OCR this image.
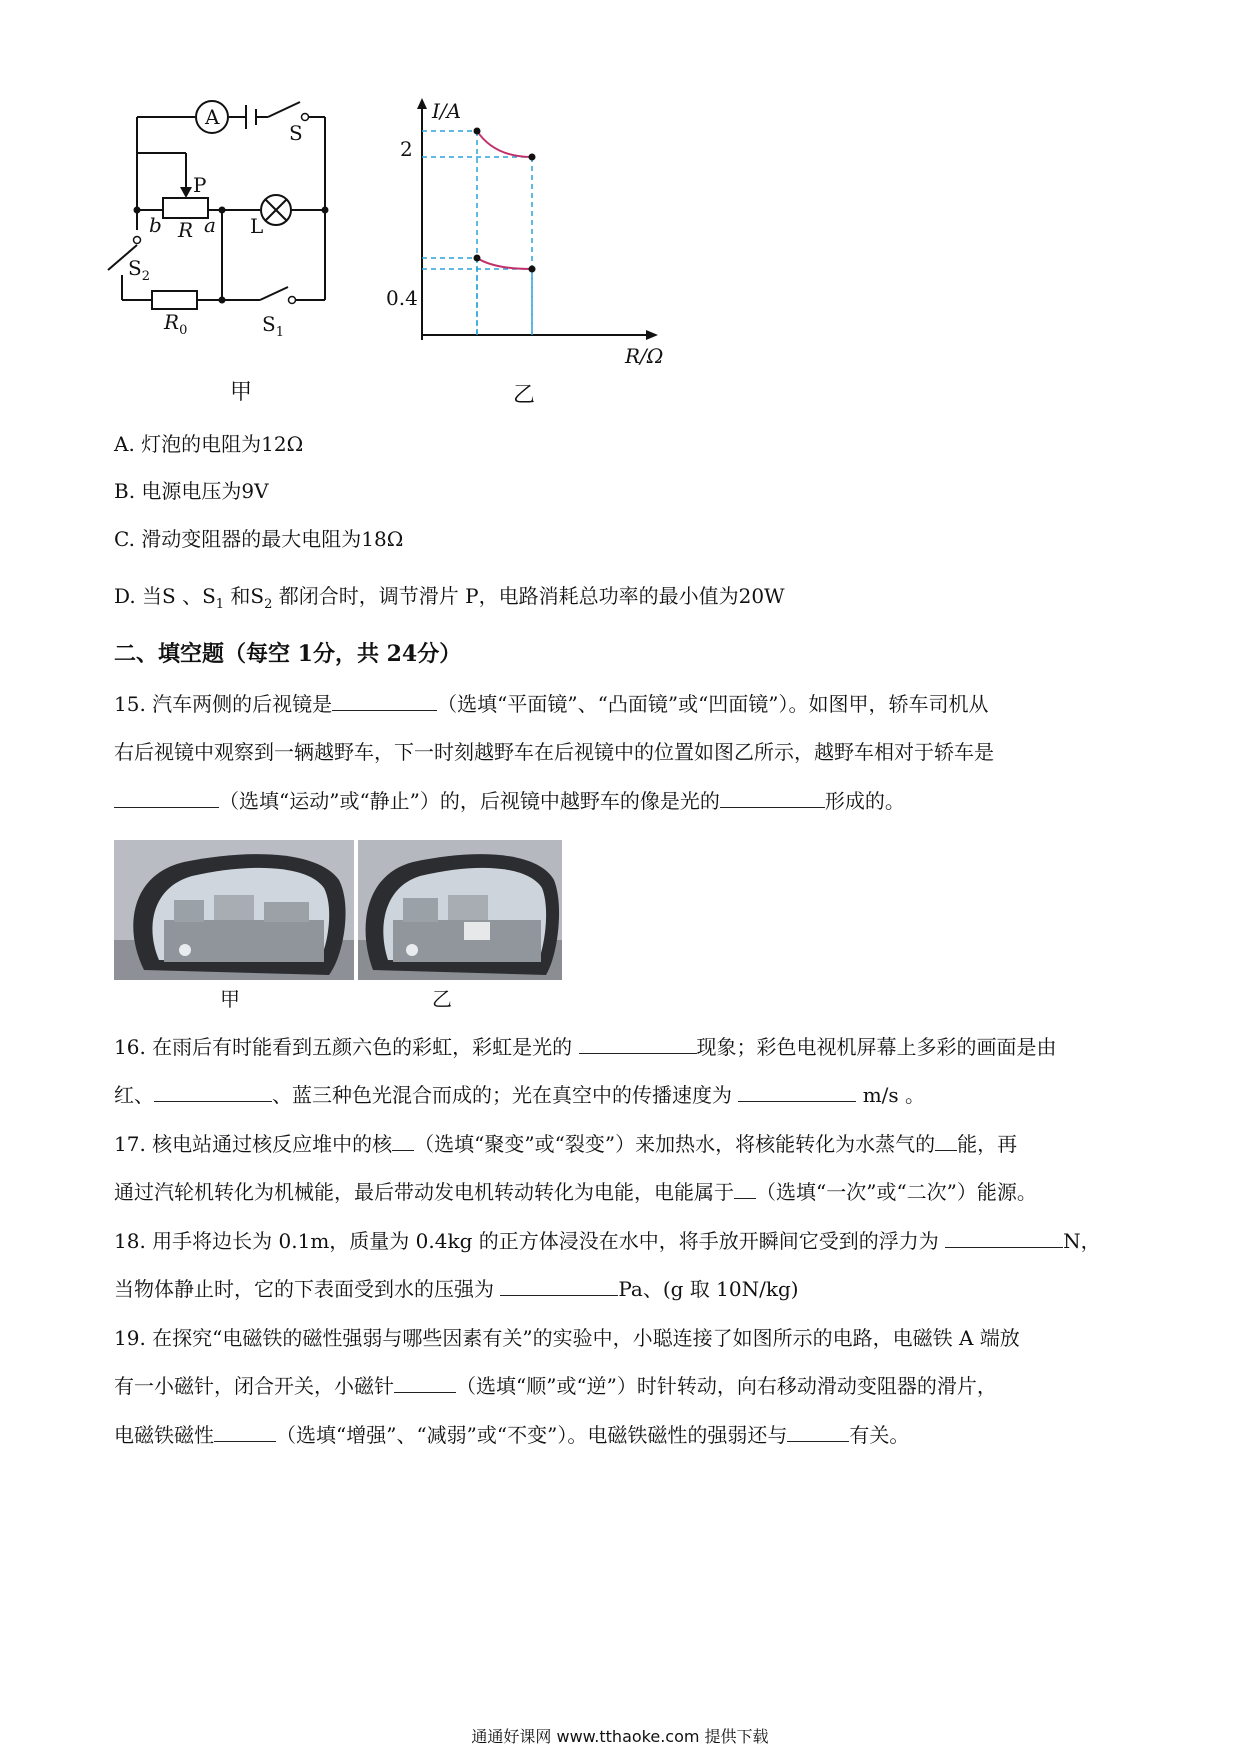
A
S
P
b R a L
$S_2$
$R_0$	$S_1$
甲
I/A
R/Ω
2
0.4
乙
A. 灯泡的电阻为12Ω
B. 电源电压为9V
C. 滑动变阻器的最大电阻为18Ω
D. 当S 、$S_1$ 和$S_2$ 都闭合时，调节滑片 P，电路消耗总功率的最小值为20W
二、填空题（每空 1分，共 24分）
15. 汽车两侧的后视镜是	（选填“平面镜”、“凸面镜”或“凹面镜”）。如图甲，轿车司机从
右后视镜中观察到一辆越野车，下一时刻越野车在后视镜中的位置如图乙所示，越野车相对于轿车是
（选填“运动”或“静止”）的，后视镜中越野车的像是光的	形成的。
甲	乙
16. 在雨后有时能看到五颜六色的彩虹，彩虹是光的	现象；彩色电视机屏幕上多彩的画面是由
红、	、蓝三种色光混合而成的；光在真空中的传播速度为	m/s 。
17. 核电站通过核反应堆中的核 （选填“聚变”或“裂变”）来加热水，将核能转化为水蒸气的 能，再
通过汽轮机转化为机械能，最后带动发电机转动转化为电能，电能属于 （选填“一次”或“二次”）能源。
18. 用手将边长为 0.1m，质量为 0.4kg 的正方体浸没在水中，将手放开瞬间它受到的浮力为	N，
当物体静止时，它的下表面受到水的压强为	Pa、(g 取 10N/kg)
19. 在探究“电磁铁的磁性强弱与哪些因素有关”的实验中，小聪连接了如图所示的电路，电磁铁 A 端放
有一小磁针，闭合开关，小磁针	（选填“顺”或“逆”）时针转动，向右移动滑动变阻器的滑片，
电磁铁磁性	（选填“增强”、“减弱”或“不变”）。电磁铁磁性的强弱还与	有关。
通通好课网 www.tthaoke.com 提供下载
